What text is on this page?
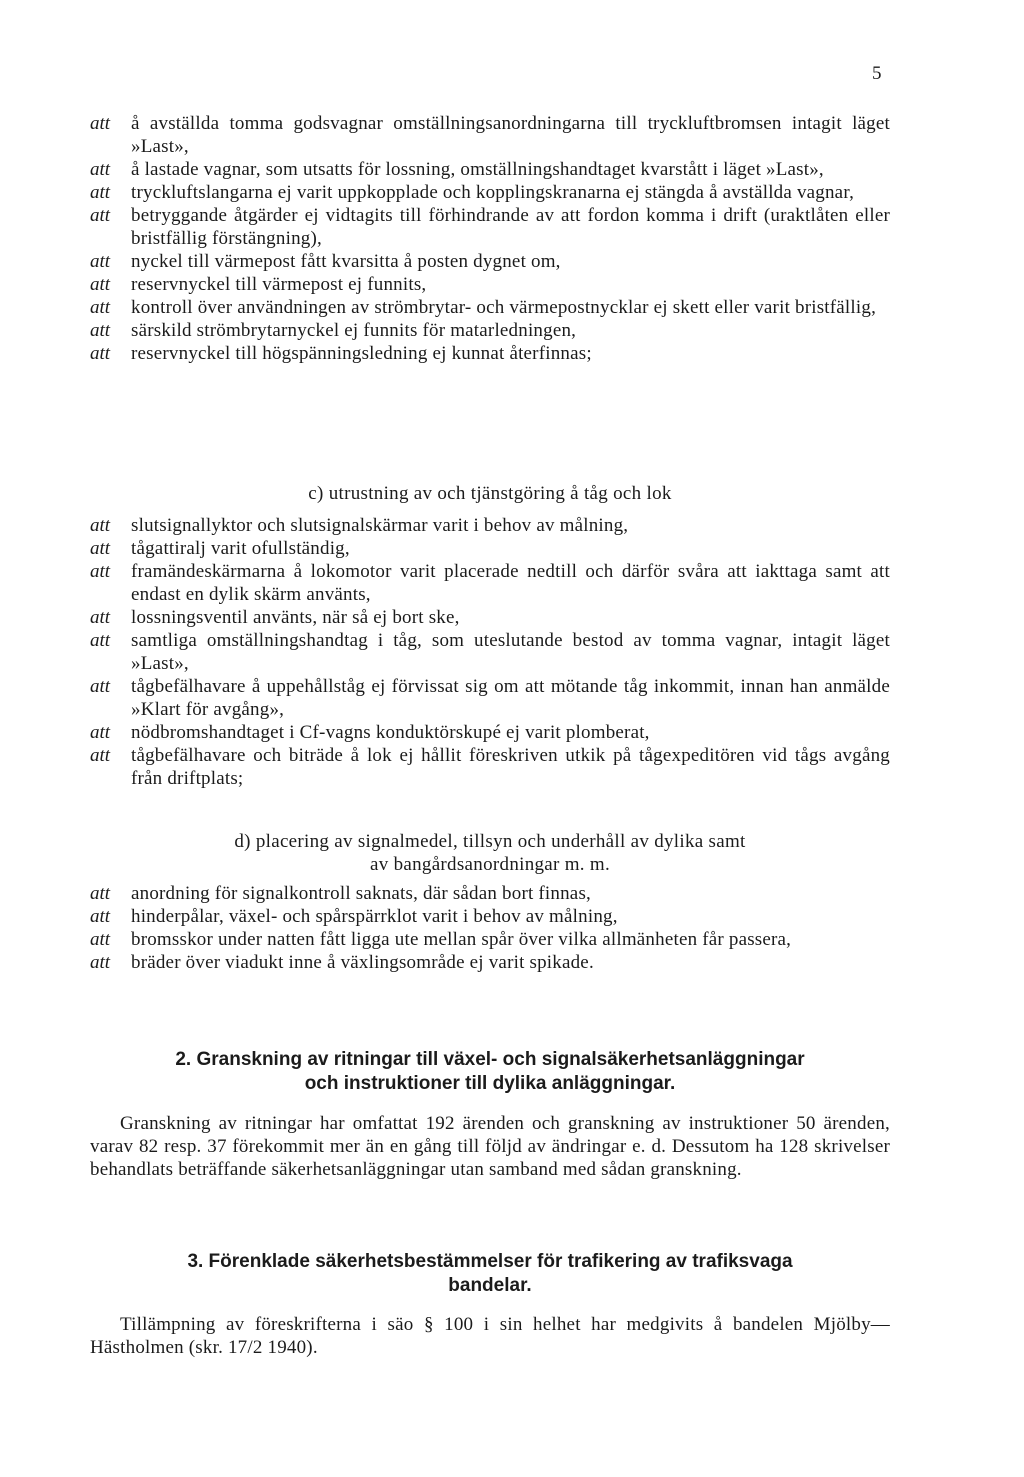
5
att	å avställda tomma godsvagnar omställningsanordningarna till tryckluftbromsen intagit läget »Last»,
att	å lastade vagnar, som utsatts för lossning, omställningshandtaget kvarstått i läget »Last»,
att	tryckluftslangarna ej varit uppkopplade och kopplingskranarna ej stängda å avställda vagnar,
att	betryggande åtgärder ej vidtagits till förhindrande av att fordon komma i drift (uraktlåten eller bristfällig förstängning),
att	nyckel till värmepost fått kvarsitta å posten dygnet om,
att	reservnyckel till värmepost ej funnits,
att	kontroll över användningen av strömbrytar- och värmepostnycklar ej skett eller varit bristfällig,
att	särskild strömbrytarnyckel ej funnits för matarledningen,
att	reservnyckel till högspänningsledning ej kunnat återfinnas;
c) utrustning av och tjänstgöring å tåg och lok
att	slutsignallyktor och slutsignalskärmar varit i behov av målning,
att	tågattiralj varit ofullständig,
att	framändeskärmarna å lokomotor varit placerade nedtill och därför svåra att iakttaga samt att endast en dylik skärm använts,
att	lossningsventil använts, när så ej bort ske,
att	samtliga omställningshandtag i tåg, som uteslutande bestod av tomma vagnar, intagit läget »Last»,
att	tågbefälhavare å uppehållståg ej förvissat sig om att mötande tåg inkommit, innan han anmälde »Klart för avgång»,
att	nödbromshandtaget i Cf-vagns konduktörskupé ej varit plomberat,
att	tågbefälhavare och biträde å lok ej hållit föreskriven utkik på tågexpeditören vid tågs avgång från driftplats;
d) placering av signalmedel, tillsyn och underhåll av dylika samt
av bangårdsanordningar m. m.
att	anordning för signalkontroll saknats, där sådan bort finnas,
att	hinderpålar, växel- och spårspärrklot varit i behov av målning,
att	bromsskor under natten fått ligga ute mellan spår över vilka allmänheten får passera,
att	bräder över viadukt inne å växlingsområde ej varit spikade.
2. Granskning av ritningar till växel- och signalsäkerhetsanläggningar
och instruktioner till dylika anläggningar.
Granskning av ritningar har omfattat 192 ärenden och granskning av instruktioner 50 ärenden, varav 82 resp. 37 förekommit mer än en gång till följd av ändringar e. d. Dessutom ha 128 skrivelser behandlats beträffande säkerhetsanläggningar utan samband med sådan granskning.
3. Förenklade säkerhetsbestämmelser för trafikering av trafiksvaga
bandelar.
Tillämpning av föreskrifterna i säo § 100 i sin helhet har medgivits å bandelen Mjölby—Hästholmen (skr. 17/2 1940).
